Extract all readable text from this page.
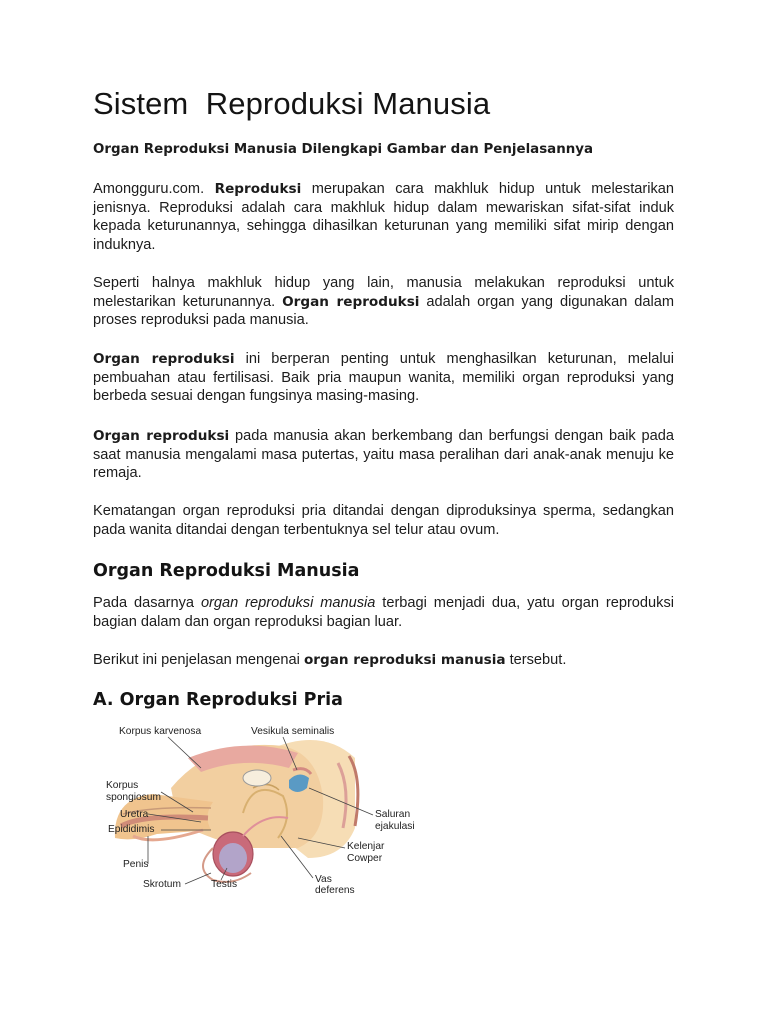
Sistem  Reproduksi Manusia

Organ Reproduksi Manusia Dilengkapi Gambar dan Penjelasannya

Amongguru.com. Reproduksi merupakan cara makhluk hidup untuk melestarikan jenisnya. Reproduksi adalah cara makhluk hidup dalam mewariskan sifat-sifat induk kepada keturunannya, sehingga dihasilkan keturunan yang memiliki sifat mirip dengan induknya.

Seperti halnya makhluk hidup yang lain, manusia melakukan reproduksi untuk melestarikan keturunannya. Organ reproduksi adalah organ yang digunakan dalam proses reproduksi pada manusia.

Organ reproduksi ini berperan penting untuk menghasilkan keturunan, melalui pembuahan atau fertilisasi. Baik pria maupun wanita, memiliki organ reproduksi yang berbeda sesuai dengan fungsinya masing-masing.

Organ reproduksi pada manusia akan berkembang dan berfungsi dengan baik pada saat manusia mengalami masa putertas, yaitu masa peralihan dari anak-anak menuju ke remaja.

Kematangan organ reproduksi pria ditandai dengan diproduksinya sperma, sedangkan pada wanita ditandai dengan terbentuknya sel telur atau ovum.

Organ Reproduksi Manusia

Pada dasarnya organ reproduksi manusia terbagi menjadi dua, yatu organ reproduksi bagian dalam dan organ reproduksi bagian luar.

Berikut ini penjelasan mengenai organ reproduksi manusia tersebut.

A. Organ Reproduksi Pria
Korpus karvenosa	Vesikula seminalis
Korpus
spongiosum
Uretra
Epididimis
Penis
Skrotum	Testis
Saluran
ejakulasi
Kelenjar
Cowper
Vas
deferens
